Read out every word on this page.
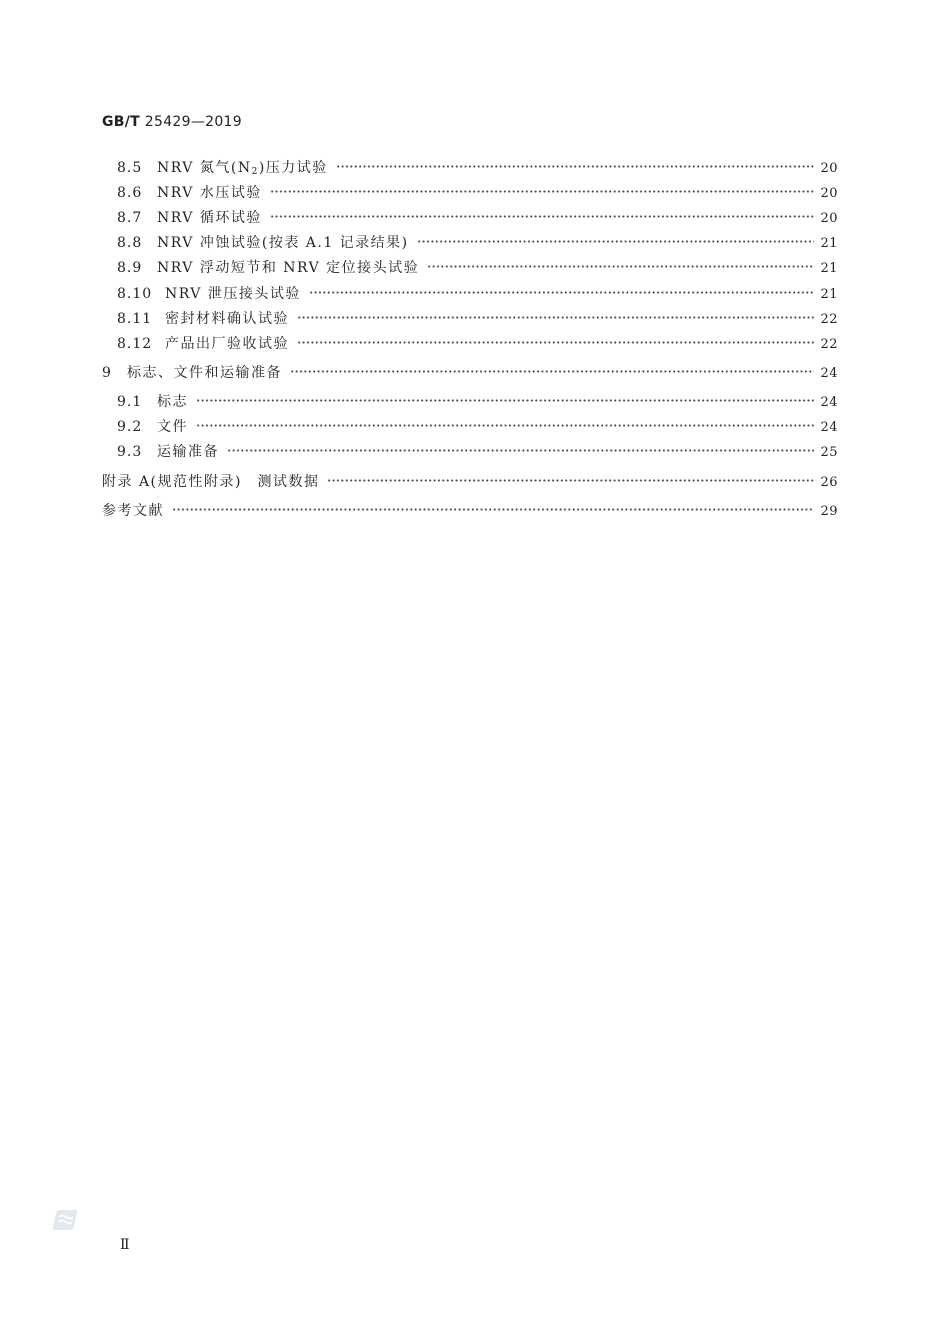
GB/T 25429—2019
8.5	NRV 氮气$(N_2)$压力试验	20
8.6	NRV 水压试验	20
8.7	NRV 循环试验	20
8.8	NRV 冲蚀试验(按表 A.1 记录结果)	21
8.9	NRV 浮动短节和 NRV 定位接头试验	21
8.10 NRV 泄压接头试验	21
8.11 密封材料确认试验	22
8.12 产品出厂验收试验	22
9	标志、文件和运输准备	24
9.1	标志	24
9.2	文件	24
9.3	运输准备	25
附录 A(规范性附录)　测试数据	26
参考文献	29
Ⅱ
